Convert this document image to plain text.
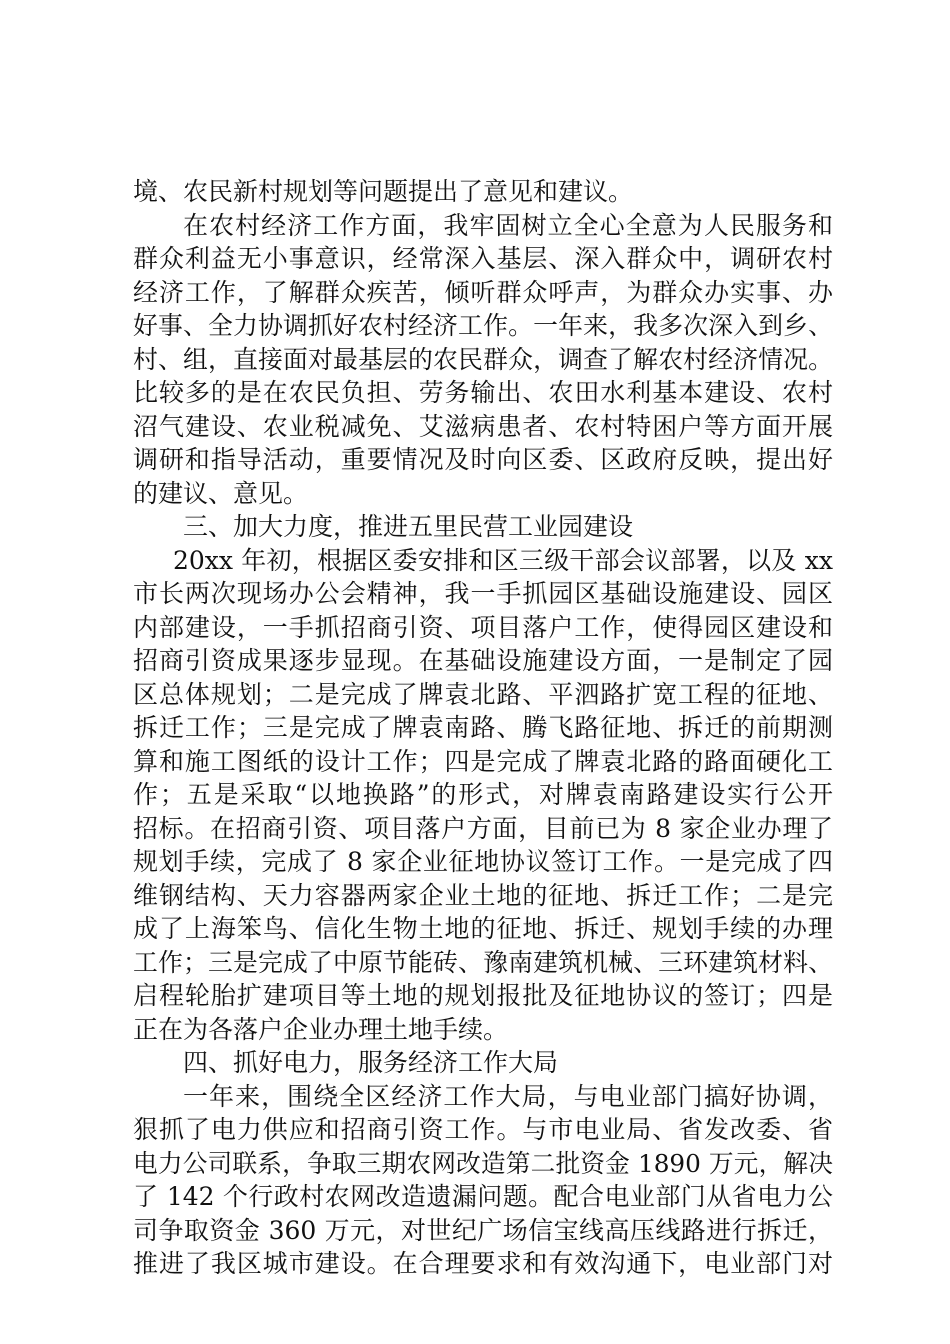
境、农民新村规划等问题提出了意见和建议。
在农村经济工作方面，我牢固树立全心全意为人民服务和
群众利益无小事意识，经常深入基层、深入群众中，调研农村
经济工作，了解群众疾苦，倾听群众呼声，为群众办实事、办
好事、全力协调抓好农村经济工作。一年来，我多次深入到乡、
村、组，直接面对最基层的农民群众，调查了解农村经济情况。
比较多的是在农民负担、劳务输出、农田水利基本建设、农村
沼气建设、农业税减免、艾滋病患者、农村特困户等方面开展
调研和指导活动，重要情况及时向区委、区政府反映，提出好
的建议、意见。
三、加大力度，推进五里民营工业园建设
20xx 年初，根据区委安排和区三级干部会议部署，以及 xx
市长两次现场办公会精神，我一手抓园区基础设施建设、园区
内部建设，一手抓招商引资、项目落户工作，使得园区建设和
招商引资成果逐步显现。在基础设施建设方面，一是制定了园
区总体规划；二是完成了牌袁北路、平泗路扩宽工程的征地、
拆迁工作；三是完成了牌袁南路、腾飞路征地、拆迁的前期测
算和施工图纸的设计工作；四是完成了牌袁北路的路面硬化工
作；五是采取“以地换路”的形式，对牌袁南路建设实行公开
招标。在招商引资、项目落户方面，目前已为 8 家企业办理了
规划手续，完成了 8 家企业征地协议签订工作。一是完成了四
维钢结构、天力容器两家企业土地的征地、拆迁工作；二是完
成了上海笨鸟、信化生物土地的征地、拆迁、规划手续的办理
工作；三是完成了中原节能砖、豫南建筑机械、三环建筑材料、
启程轮胎扩建项目等土地的规划报批及征地协议的签订；四是
正在为各落户企业办理土地手续。
四、抓好电力，服务经济工作大局
一年来，围绕全区经济工作大局，与电业部门搞好协调，
狠抓了电力供应和招商引资工作。与市电业局、省发改委、省
电力公司联系，争取三期农网改造第二批资金 1890 万元，解决
了 142 个行政村农网改造遗漏问题。配合电业部门从省电力公
司争取资金 360 万元，对世纪广场信宝线高压线路进行拆迁，
推进了我区城市建设。在合理要求和有效沟通下，电业部门对
